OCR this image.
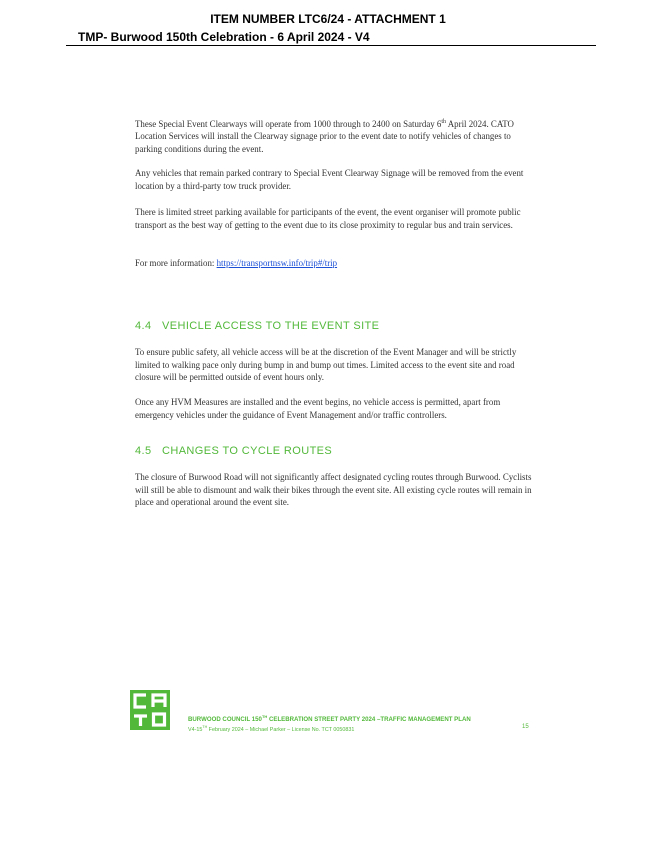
ITEM NUMBER LTC6/24 - ATTACHMENT 1
TMP- Burwood 150th Celebration - 6 April 2024 - V4

These Special Event Clearways will operate from 1000 through to 2400 on Saturday 6th April 2024. CATO Location Services will install the Clearway signage prior to the event date to notify vehicles of changes to parking conditions during the event.

Any vehicles that remain parked contrary to Special Event Clearway Signage will be removed from the event location by a third-party tow truck provider.

There is limited street parking available for participants of the event, the event organiser will promote public transport as the best way of getting to the event due to its close proximity to regular bus and train services.

For more information: https://transportnsw.info/trip#/trip

4.4 VEHICLE ACCESS TO THE EVENT SITE

To ensure public safety, all vehicle access will be at the discretion of the Event Manager and will be strictly limited to walking pace only during bump in and bump out times. Limited access to the event site and road closure will be permitted outside of event hours only.

Once any HVM Measures are installed and the event begins, no vehicle access is permitted, apart from emergency vehicles under the guidance of Event Management and/or traffic controllers.

4.5 CHANGES TO CYCLE ROUTES

The closure of Burwood Road will not significantly affect designated cycling routes through Burwood. Cyclists will still be able to dismount and walk their bikes through the event site. All existing cycle routes will remain in place and operational around the event site.

BURWOOD COUNCIL 150TH CELEBRATION STREET PARTY 2024 –TRAFFIC MANAGEMENT PLAN
V4-15TH February 2024 – Michael Parker – License No. TCT 0050831	15
